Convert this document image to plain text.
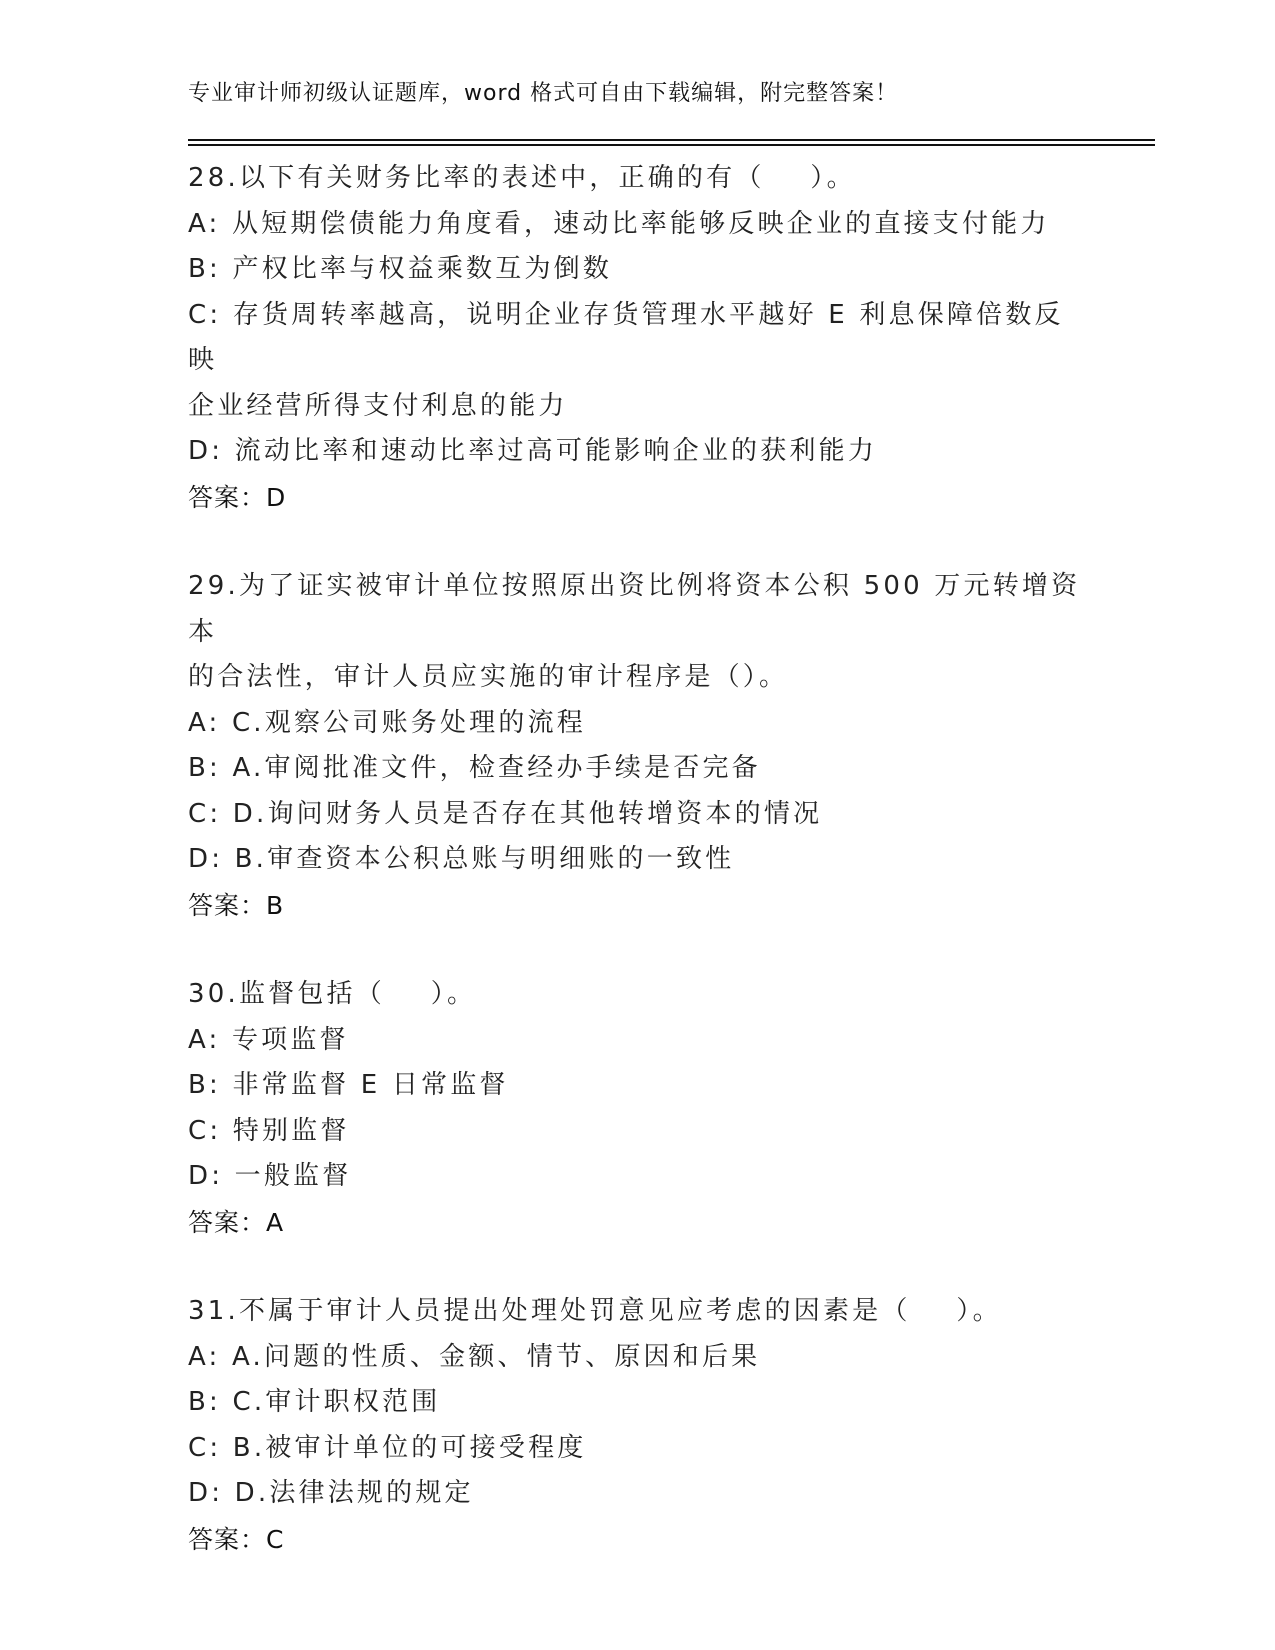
专业审计师初级认证题库，word 格式可自由下载编辑，附完整答案！
28.以下有关财务比率的表述中，正确的有（    ）。
A: 从短期偿债能力角度看，速动比率能够反映企业的直接支付能力
B: 产权比率与权益乘数互为倒数
C: 存货周转率越高，说明企业存货管理水平越好 E 利息保障倍数反映
企业经营所得支付利息的能力
D: 流动比率和速动比率过高可能影响企业的获利能力
答案：D
29.为了证实被审计单位按照原出资比例将资本公积 500 万元转增资本
的合法性，审计人员应实施的审计程序是（）。
A: C.观察公司账务处理的流程
B: A.审阅批准文件，检查经办手续是否完备
C: D.询问财务人员是否存在其他转增资本的情况
D: B.审查资本公积总账与明细账的一致性
答案：B
30.监督包括（    ）。
A: 专项监督
B: 非常监督 E 日常监督
C: 特别监督
D: 一般监督
答案：A
31.不属于审计人员提出处理处罚意见应考虑的因素是（    ）。
A: A.问题的性质、金额、情节、原因和后果
B: C.审计职权范围
C: B.被审计单位的可接受程度
D: D.法律法规的规定
答案：C
